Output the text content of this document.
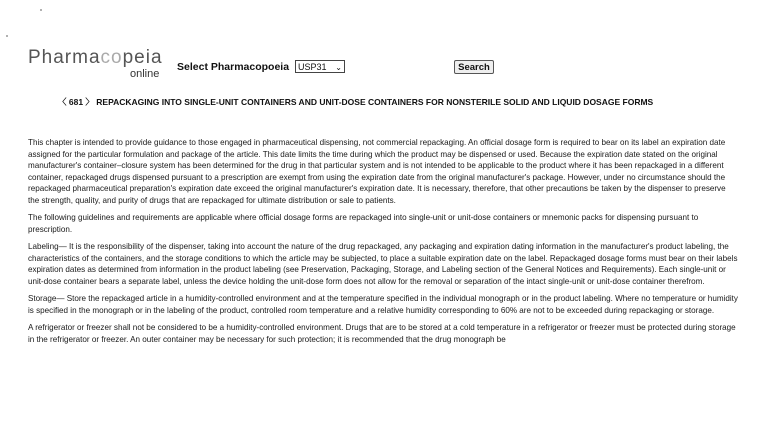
Pharmacopeia
online
Select Pharmacopoeia USP31 ⌄	Search
〈 681 〉 REPACKAGING INTO SINGLE-UNIT CONTAINERS AND UNIT-DOSE CONTAINERS FOR NONSTERILE SOLID AND LIQUID DOSAGE FORMS

This chapter is intended to provide guidance to those engaged in pharmaceutical dispensing, not commercial repackaging. An official dosage form is required to bear on its label an expiration date assigned for the particular formulation and package of the article. This date limits the time during which the product may be dispensed or used. Because the expiration date stated on the original manufacturer's container–closure system has been determined for the drug in that particular system and is not intended to be applicable to the product where it has been repackaged in a different container, repackaged drugs dispensed pursuant to a prescription are exempt from using the expiration date from the original manufacturer's package. However, under no circumstance should the repackaged pharmaceutical preparation's expiration date exceed the original manufacturer's expiration date. It is necessary, therefore, that other precautions be taken by the dispenser to preserve the strength, quality, and purity of drugs that are repackaged for ultimate distribution or sale to patients.

The following guidelines and requirements are applicable where official dosage forms are repackaged into single-unit or unit-dose containers or mnemonic packs for dispensing pursuant to prescription.

Labeling— It is the responsibility of the dispenser, taking into account the nature of the drug repackaged, any packaging and expiration dating information in the manufacturer's product labeling, the characteristics of the containers, and the storage conditions to which the article may be subjected, to place a suitable expiration date on the label. Repackaged dosage forms must bear on their labels expiration dates as determined from information in the product labeling (see Preservation, Packaging, Storage, and Labeling section of the General Notices and Requirements). Each single-unit or unit-dose container bears a separate label, unless the device holding the unit-dose form does not allow for the removal or separation of the intact single-unit or unit-dose container therefrom.

Storage— Store the repackaged article in a humidity-controlled environment and at the temperature specified in the individual monograph or in the product labeling. Where no temperature or humidity is specified in the monograph or in the labeling of the product, controlled room temperature and a relative humidity corresponding to 60% are not to be exceeded during repackaging or storage.

A refrigerator or freezer shall not be considered to be a humidity-controlled environment. Drugs that are to be stored at a cold temperature in a refrigerator or freezer must be protected during storage in the refrigerator or freezer. An outer container may be necessary for such protection; it is recommended that the drug monograph be
